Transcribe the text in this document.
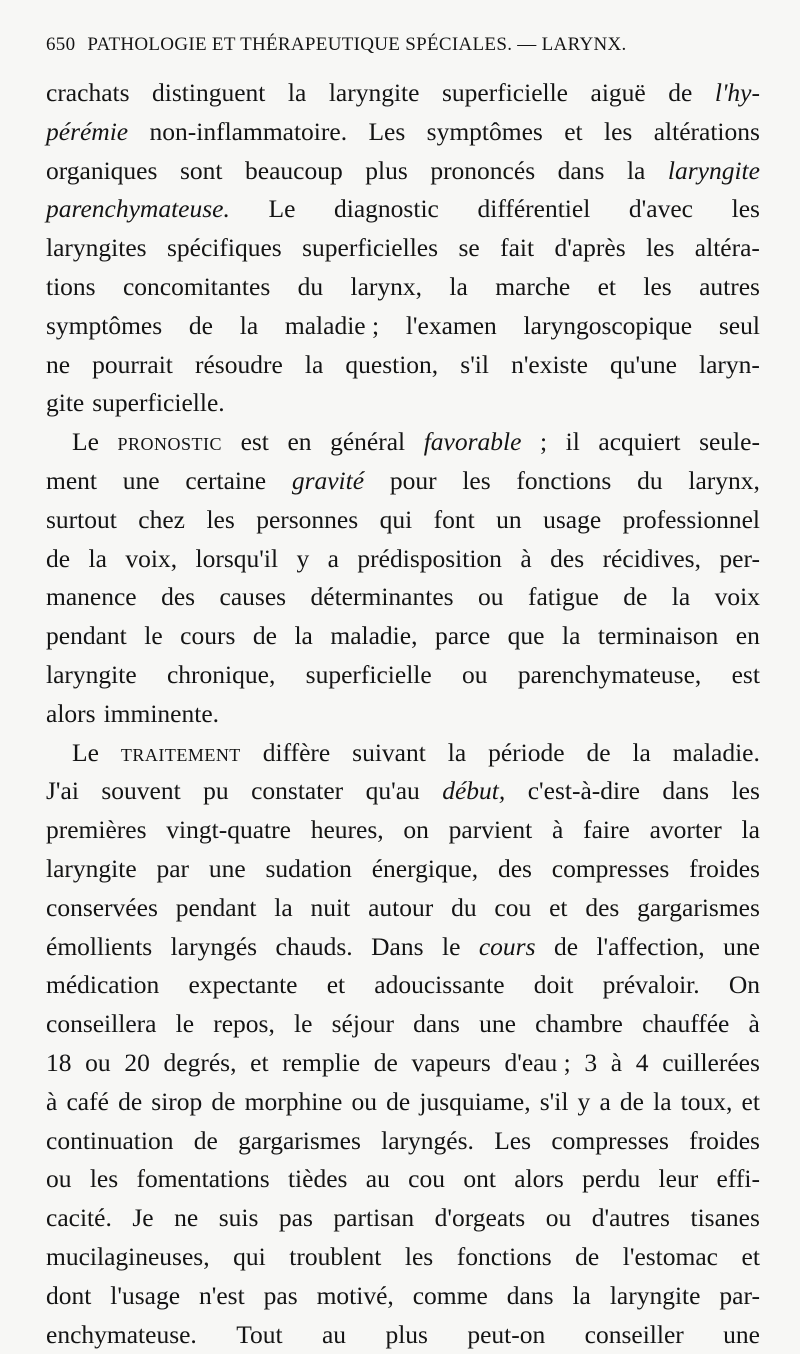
650 PATHOLOGIE ET THÉRAPEUTIQUE SPÉCIALES. — LARYNX.
crachats distinguent la laryngite superficielle aiguë de l'hy-
pérémie non-inflammatoire. Les symptômes et les altérations
organiques sont beaucoup plus prononcés dans la laryngite
parenchymateuse. Le diagnostic différentiel d'avec les
laryngites spécifiques superficielles se fait d'après les altéra-
tions concomitantes du larynx, la marche et les autres
symptômes de la maladie ; l'examen laryngoscopique seul
ne pourrait résoudre la question, s'il n'existe qu'une laryn-
gite superficielle.
Le pronostic est en général favorable ; il acquiert seule-
ment une certaine gravité pour les fonctions du larynx,
surtout chez les personnes qui font un usage professionnel
de la voix, lorsqu'il y a prédisposition à des récidives, per-
manence des causes déterminantes ou fatigue de la voix
pendant le cours de la maladie, parce que la terminaison en
laryngite chronique, superficielle ou parenchymateuse, est
alors imminente.
Le traitement diffère suivant la période de la maladie.
J'ai souvent pu constater qu'au début, c'est-à-dire dans les
premières vingt-quatre heures, on parvient à faire avorter la
laryngite par une sudation énergique, des compresses froides
conservées pendant la nuit autour du cou et des gargarismes
émollients laryngés chauds. Dans le cours de l'affection, une
médication expectante et adoucissante doit prévaloir. On
conseillera le repos, le séjour dans une chambre chauffée à
18 ou 20 degrés, et remplie de vapeurs d'eau ; 3 à 4 cuillerées
à café de sirop de morphine ou de jusquiame, s'il y a de la toux, et
continuation de gargarismes laryngés. Les compresses froides
ou les fomentations tièdes au cou ont alors perdu leur effi-
cacité. Je ne suis pas partisan d'orgeats ou d'autres tisanes
mucilagineuses, qui troublent les fonctions de l'estomac et
dont l'usage n'est pas motivé, comme dans la laryngite par-
enchymateuse. Tout au plus peut-on conseiller une
